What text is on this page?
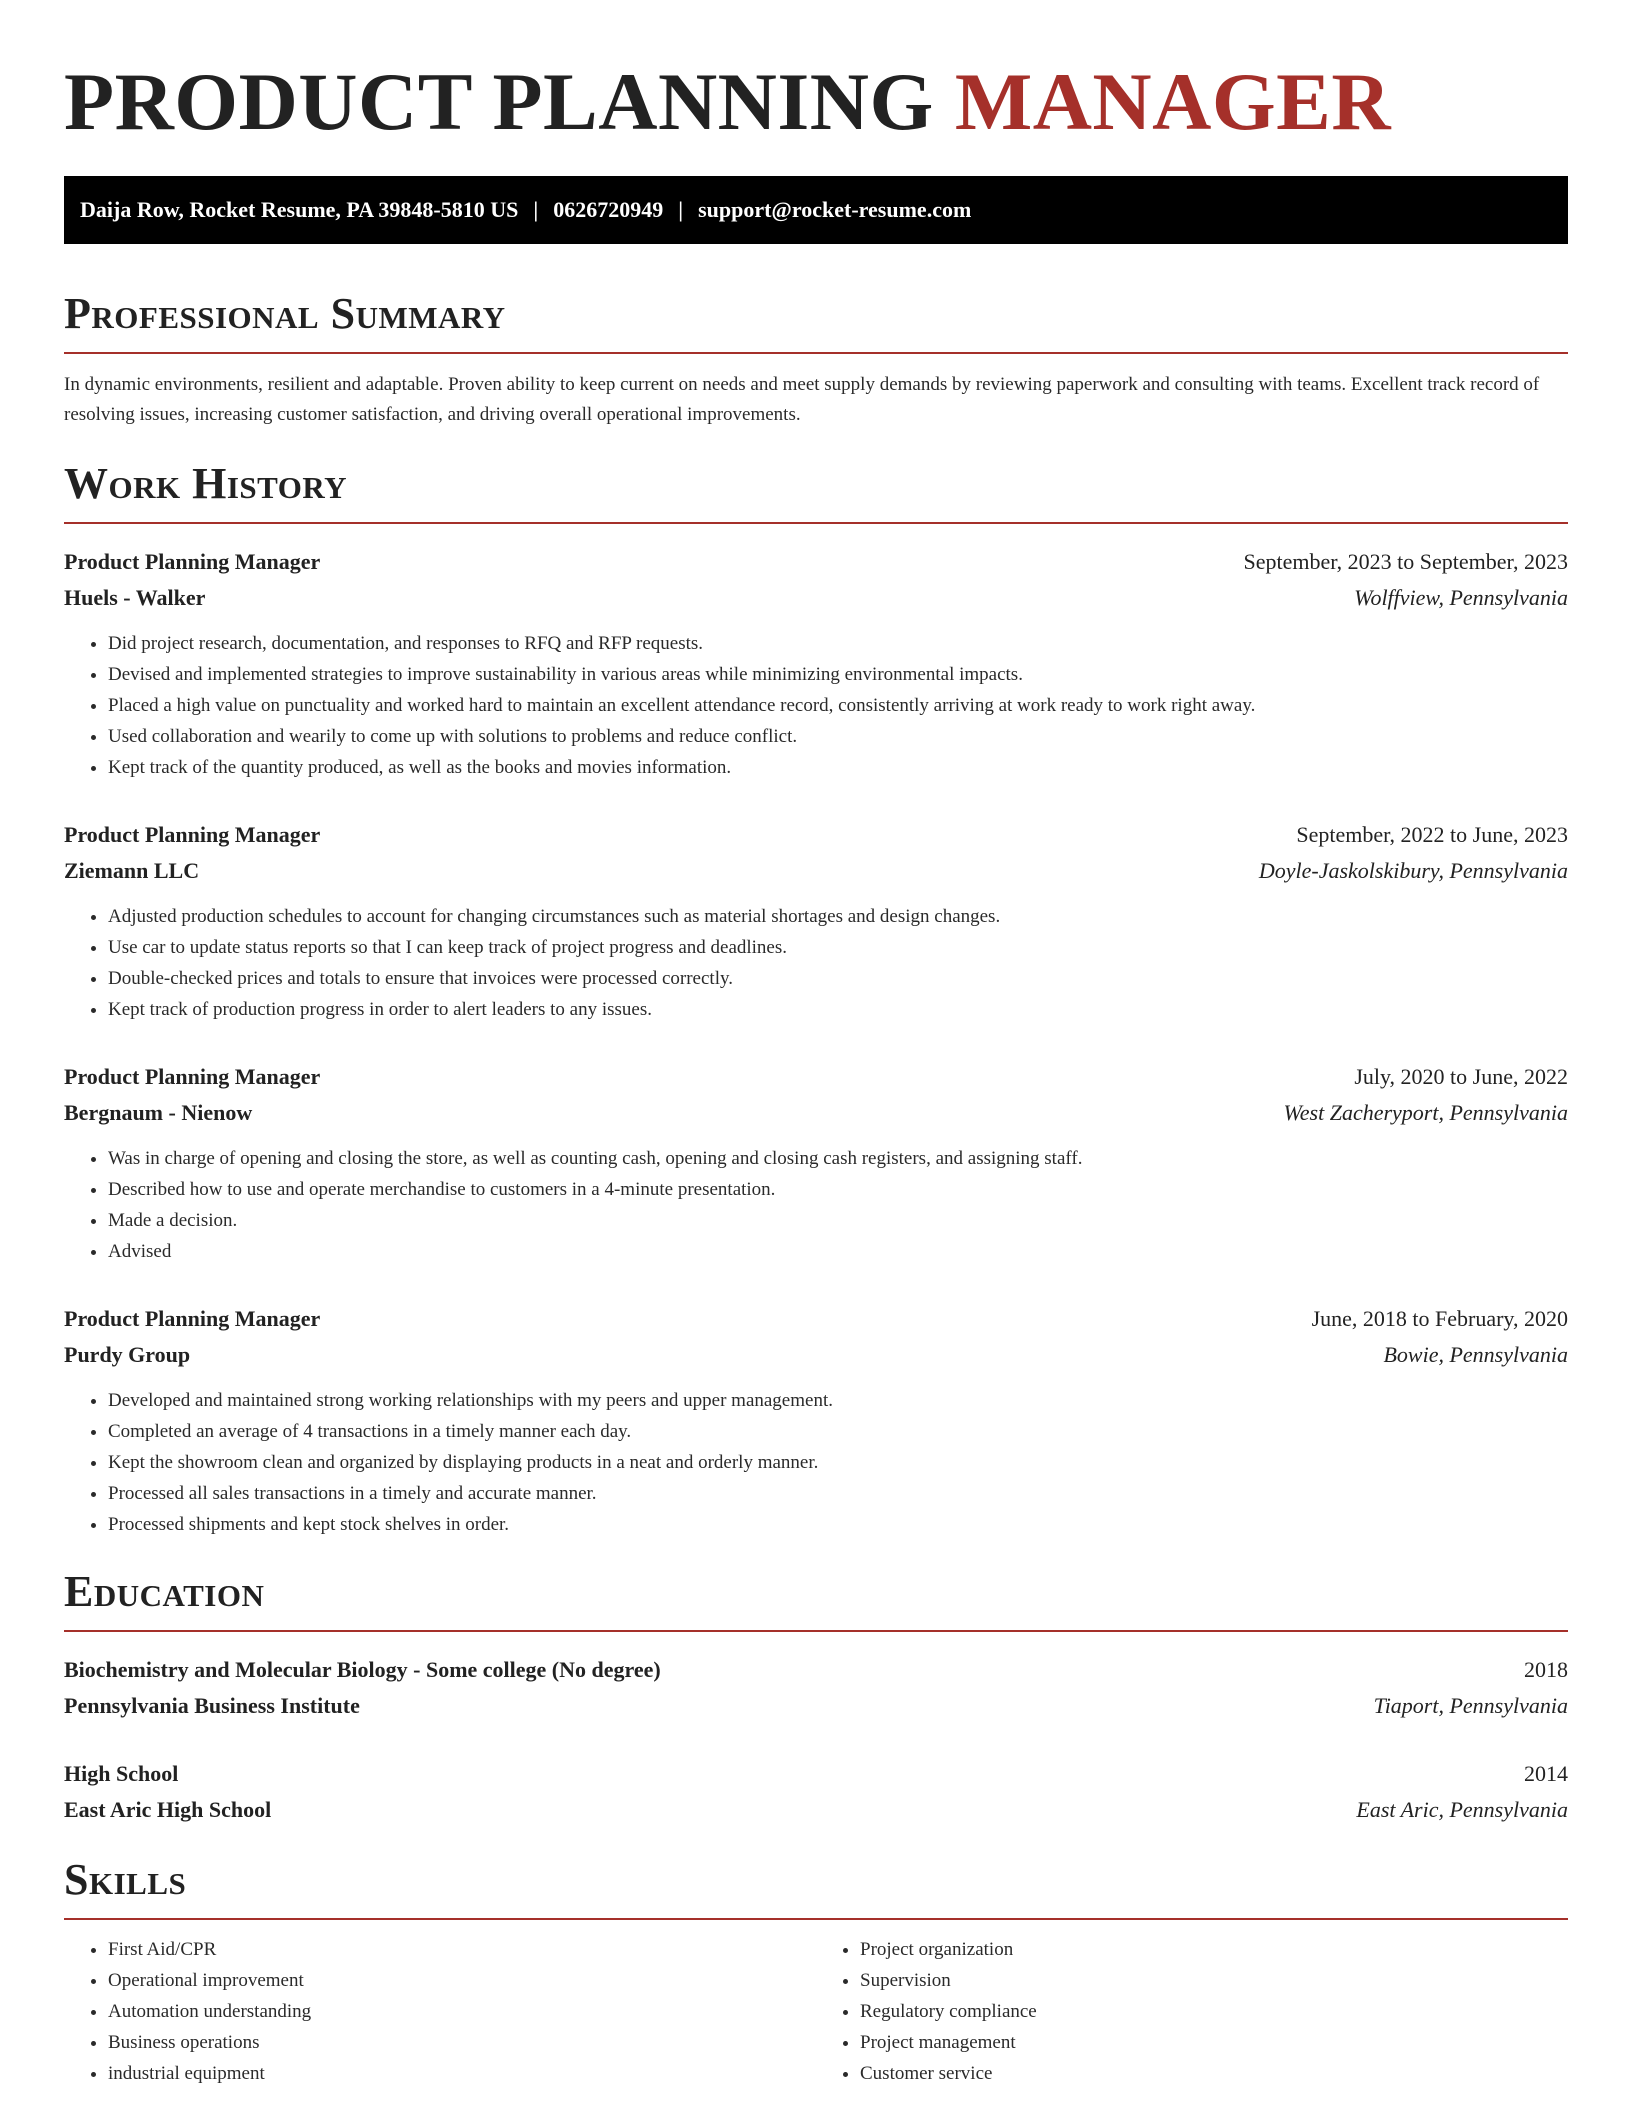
PRODUCT PLANNING MANAGER
Daija Row, Rocket Resume, PA 39848-5810 US | 0626720949 | support@rocket-resume.com
Professional Summary

In dynamic environments, resilient and adaptable. Proven ability to keep current on needs and meet supply demands by reviewing paperwork and consulting with teams. Excellent track record of resolving issues, increasing customer satisfaction, and driving overall operational improvements.

Work History
Product Planning Manager	September, 2023 to September, 2023
Huels - Walker	Wolffview, Pennsylvania
• Did project research, documentation, and responses to RFQ and RFP requests.
• Devised and implemented strategies to improve sustainability in various areas while minimizing environmental impacts.
• Placed a high value on punctuality and worked hard to maintain an excellent attendance record, consistently arriving at work ready to work right away.
• Used collaboration and wearily to come up with solutions to problems and reduce conflict.
• Kept track of the quantity produced, as well as the books and movies information.
Product Planning Manager	September, 2022 to June, 2023
Ziemann LLC	Doyle-Jaskolskibury, Pennsylvania
• Adjusted production schedules to account for changing circumstances such as material shortages and design changes.
• Use car to update status reports so that I can keep track of project progress and deadlines.
• Double-checked prices and totals to ensure that invoices were processed correctly.
• Kept track of production progress in order to alert leaders to any issues.
Product Planning Manager	July, 2020 to June, 2022
Bergnaum - Nienow	West Zacheryport, Pennsylvania
• Was in charge of opening and closing the store, as well as counting cash, opening and closing cash registers, and assigning staff.
• Described how to use and operate merchandise to customers in a 4-minute presentation.
• Made a decision.
• Advised
Product Planning Manager	June, 2018 to February, 2020
Purdy Group	Bowie, Pennsylvania
• Developed and maintained strong working relationships with my peers and upper management.
• Completed an average of 4 transactions in a timely manner each day.
• Kept the showroom clean and organized by displaying products in a neat and orderly manner.
• Processed all sales transactions in a timely and accurate manner.
• Processed shipments and kept stock shelves in order.
Education
Biochemistry and Molecular Biology - Some college (No degree)	2018
Pennsylvania Business Institute	Tiaport, Pennsylvania
High School	2014
East Aric High School	East Aric, Pennsylvania
Skills
• First Aid/CPR
• Operational improvement
• Automation understanding
• Business operations
• industrial equipment
• Project organization
• Supervision
• Regulatory compliance
• Project management
• Customer service
